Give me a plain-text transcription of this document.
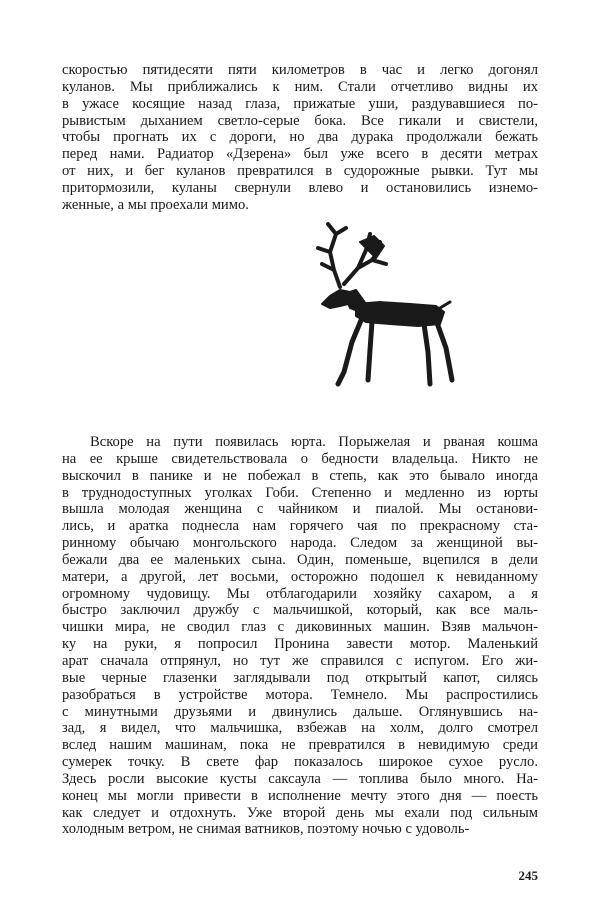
скоростью пятидесяти пяти километров в час и легко догонял
куланов. Мы приближались к ним. Стали отчетливо видны их
в ужасе косящие назад глаза, прижатые уши, раздувавшиеся по-
рывистым дыханием светло-серые бока. Все гикали и свистели,
чтобы прогнать их с дороги, но два дурака продолжали бежать
перед нами. Радиатор «Дзерена» был уже всего в десяти метрах
от них, и бег куланов превратился в судорожные рывки. Тут мы
притормозили, куланы свернули влево и остановились изнемо-
женные, а мы проехали мимо.
Вскоре на пути появилась юрта. Порыжелая и рваная кошма
на ее крыше свидетельствовала о бедности владельца. Никто не
выскочил в панике и не побежал в степь, как это бывало иногда
в труднодоступных уголках Гоби. Степенно и медленно из юрты
вышла молодая женщина с чайником и пиалой. Мы останови-
лись, и аратка поднесла нам горячего чая по прекрасному ста-
ринному обычаю монгольского народа. Следом за женщиной вы-
бежали два ее маленьких сына. Один, поменьше, вцепился в дели
матери, а другой, лет восьми, осторожно подошел к невиданному
огромному чудовищу. Мы отблагодарили хозяйку сахаром, а я
быстро заключил дружбу с мальчишкой, который, как все маль-
чишки мира, не сводил глаз с диковинных машин. Взяв мальчон-
ку на руки, я попросил Пронина завести мотор. Маленький
арат сначала отпрянул, но тут же справился с испугом. Его жи-
вые черные глазенки заглядывали под открытый капот, силясь
разобраться в устройстве мотора. Темнело. Мы распростились
с минутными друзьями и двинулись дальше. Оглянувшись на-
зад, я видел, что мальчишка, взбежав на холм, долго смотрел
вслед нашим машинам, пока не превратился в невидимую среди
сумерек точку. В свете фар показалось широкое сухое русло.
Здесь росли высокие кусты саксаула — топлива было много. На-
конец мы могли привести в исполнение мечту этого дня — поесть
как следует и отдохнуть. Уже второй день мы ехали под сильным
холодным ветром, не снимая ватников, поэтому ночью с удоволь-
245
